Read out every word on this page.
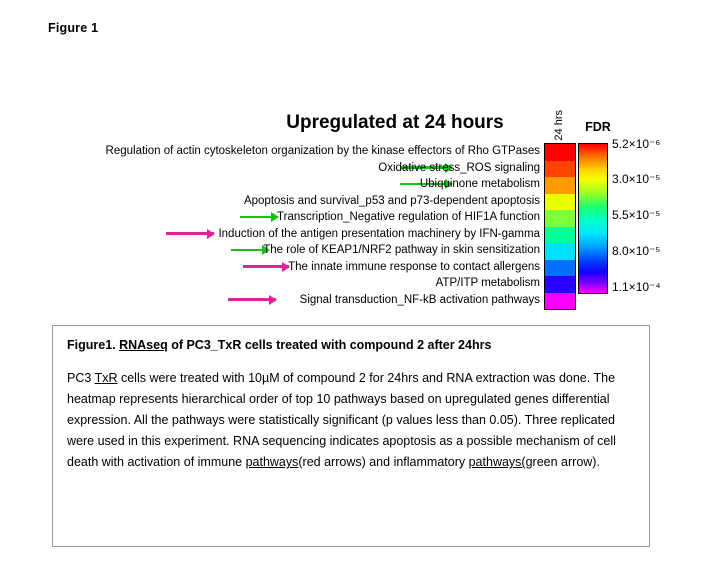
Figure 1
Upregulated at 24 hours	24 hrs	FDR
Regulation of actin cytoskeleton organization by the kinase effectors of Rho GTPases
Oxidative stress_ROS signaling
Ubiquinone metabolism
Apoptosis and survival_p53 and p73-dependent apoptosis
Transcription_Negative regulation of HIF1A function
Induction of the antigen presentation machinery by IFN-gamma
The role of KEAP1/NRF2 pathway in skin sensitization
The innate immune response to contact allergens
ATP/ITP metabolism
Signal transduction_NF-kB activation pathways
5.2×10⁻⁶
3.0×10⁻⁵
5.5×10⁻⁵
8.0×10⁻⁵
1.1×10⁻⁴
Figure1. RNAseq of PC3_TxR cells treated with compound 2 after 24hrs
PC3 TxR cells were treated with 10µM of compound 2 for 24hrs and RNA extraction was done. The heatmap represents hierarchical order of top 10 pathways based on upregulated genes differential expression. All the pathways were statistically significant (p values less than 0.05). Three replicated were used in this experiment. RNA sequencing indicates apoptosis as a possible mechanism of cell death with activation of immune pathways(red arrows) and inflammatory pathways(green arrow).
